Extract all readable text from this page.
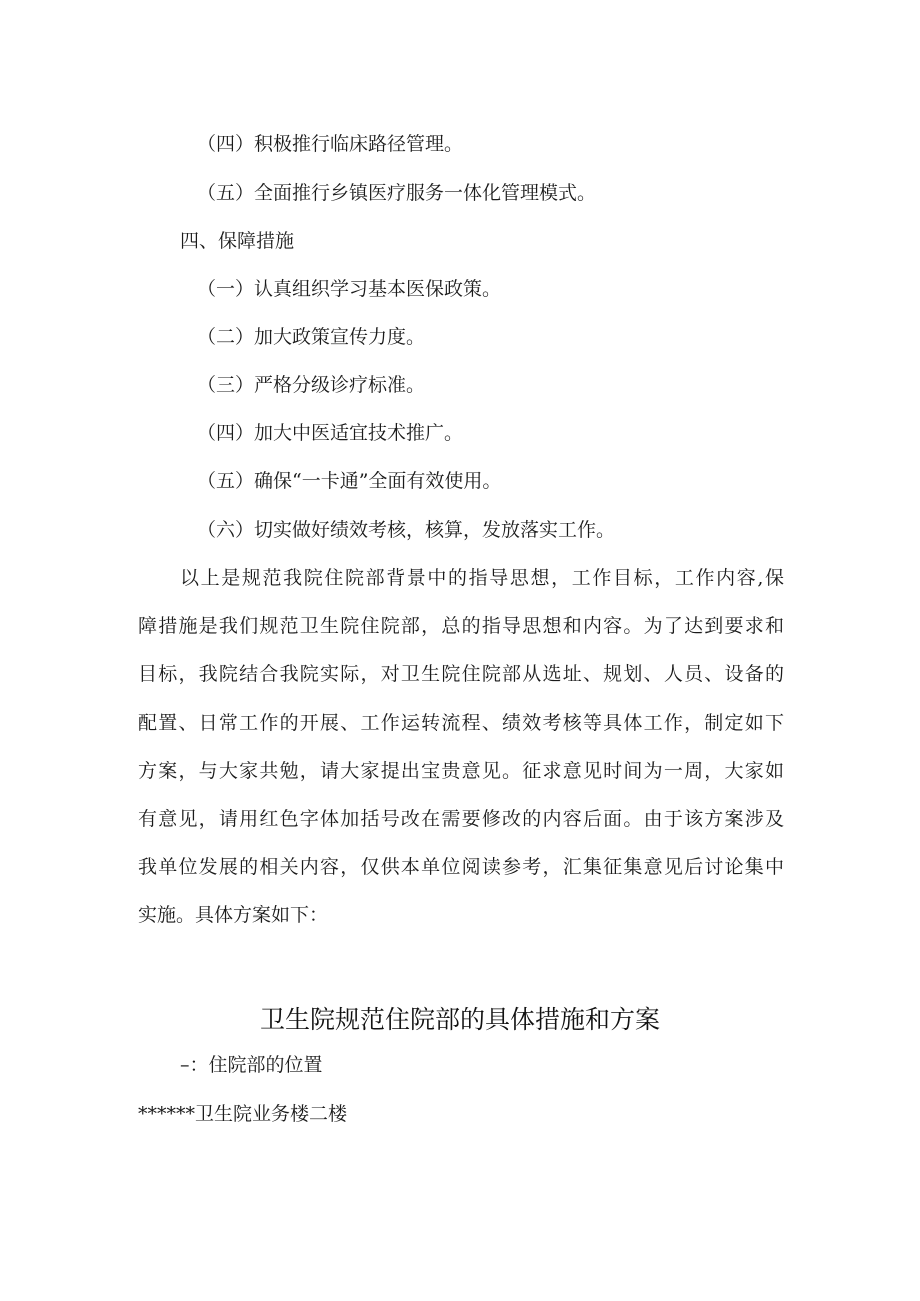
（四）积极推行临床路径管理。
（五）全面推行乡镇医疗服务一体化管理模式。
四、保障措施
（一）认真组织学习基本医保政策。
（二）加大政策宣传力度。
（三）严格分级诊疗标准。
（四）加大中医适宜技术推广。
（五）确保“一卡通”全面有效使用。
（六）切实做好绩效考核，核算，发放落实工作。
以上是规范我院住院部背景中的指导思想，工作目标，工作内容,保
障措施是我们规范卫生院住院部，总的指导思想和内容。为了达到要求和
目标，我院结合我院实际，对卫生院住院部从选址、规划、人员、设备的
配置、日常工作的开展、工作运转流程、绩效考核等具体工作，制定如下
方案，与大家共勉，请大家提出宝贵意见。征求意见时间为一周，大家如
有意见，请用红色字体加括号改在需要修改的内容后面。由于该方案涉及
我单位发展的相关内容，仅供本单位阅读参考，汇集征集意见后讨论集中
实施。具体方案如下：
卫生院规范住院部的具体措施和方案
–：住院部的位置
******卫生院业务楼二楼
